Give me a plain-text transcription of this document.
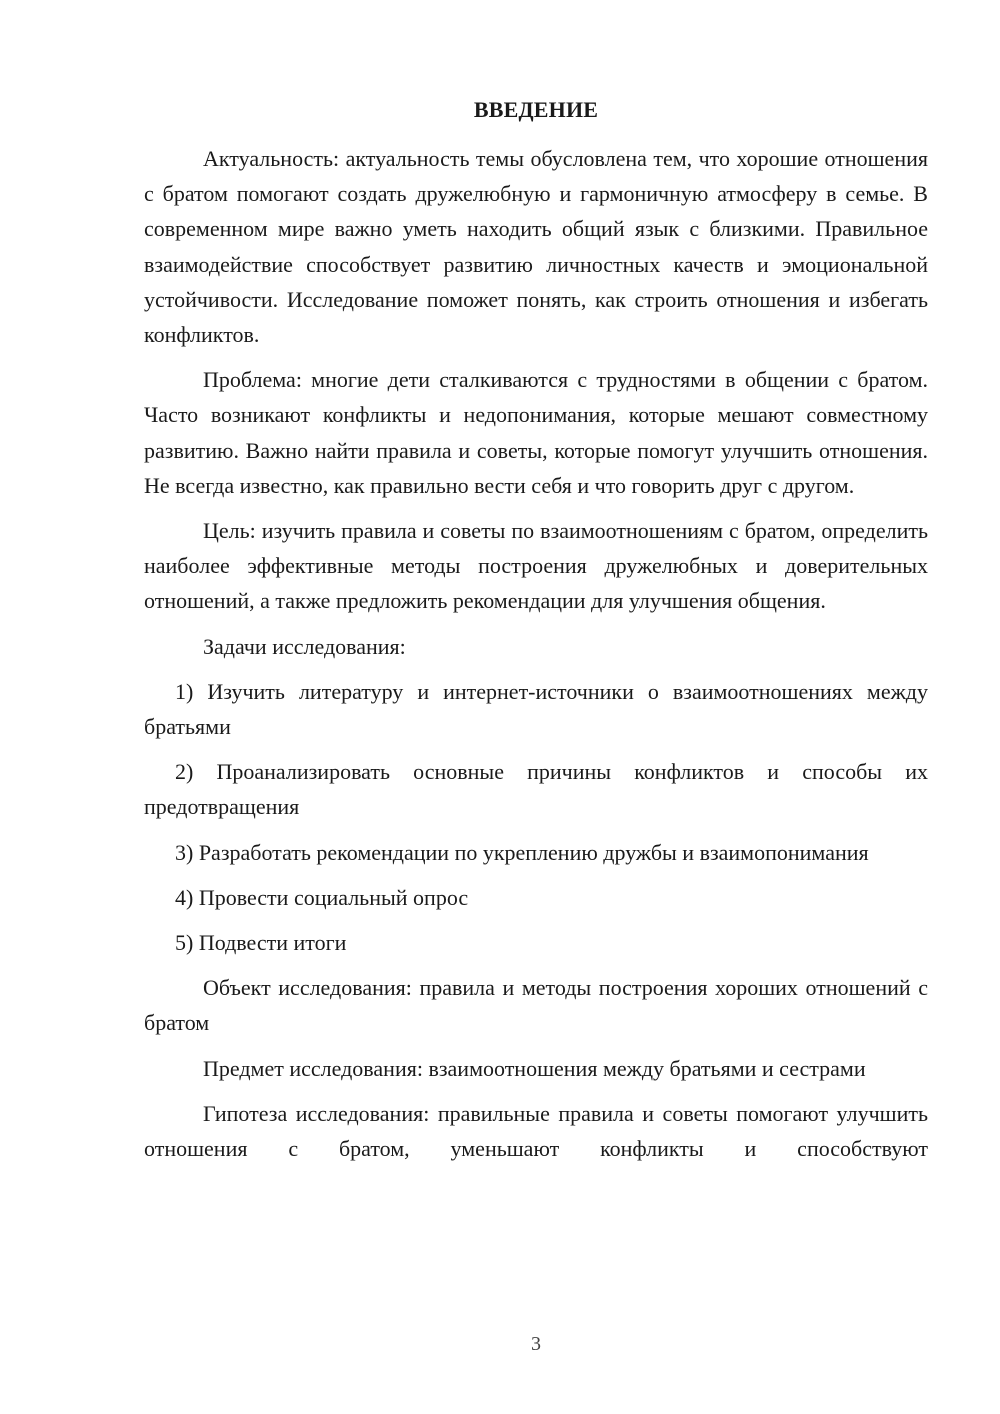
ВВЕДЕНИЕ

Актуальность: актуальность темы обусловлена тем, что хорошие отношения с братом помогают создать дружелюбную и гармоничную атмосферу в семье. В современном мире важно уметь находить общий язык с близкими. Правильное взаимодействие способствует развитию личностных качеств и эмоциональной устойчивости. Исследование поможет понять, как строить отношения и избегать конфликтов.

Проблема: многие дети сталкиваются с трудностями в общении с братом. Часто возникают конфликты и недопонимания, которые мешают совместному развитию. Важно найти правила и советы, которые помогут улучшить отношения. Не всегда известно, как правильно вести себя и что говорить друг с другом.

Цель: изучить правила и советы по взаимоотношениям с братом, определить наиболее эффективные методы построения дружелюбных и доверительных отношений, а также предложить рекомендации для улучшения общения.

Задачи исследования:

1) Изучить литературу и интернет-источники о взаимоотношениях между братьями

2) Проанализировать основные причины конфликтов и способы их предотвращения

3) Разработать рекомендации по укреплению дружбы и взаимопонимания

4) Провести социальный опрос

5) Подвести итоги

Объект исследования: правила и методы построения хороших отношений с братом

Предмет исследования: взаимоотношения между братьями и сестрами

Гипотеза исследования: правильные правила и советы помогают улучшить отношения с братом, уменьшают конфликты и способствуют

3
